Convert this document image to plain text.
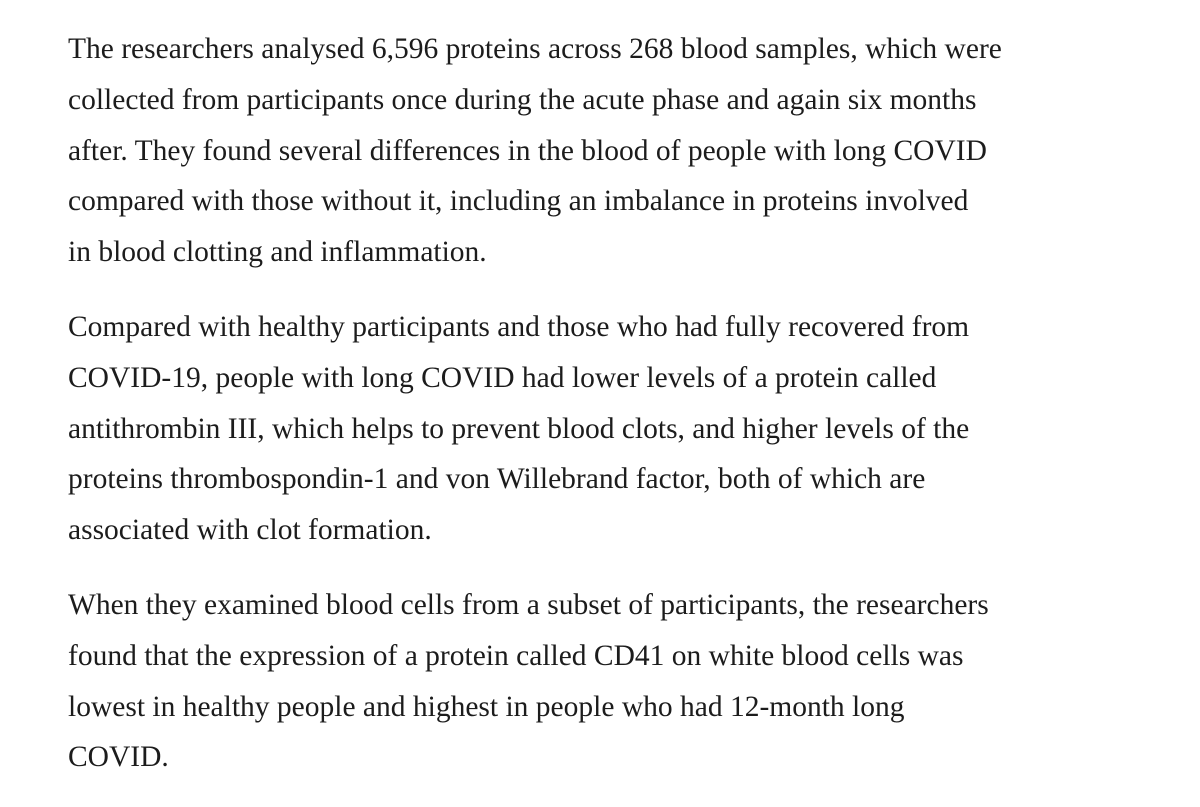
The researchers analysed 6,596 proteins across 268 blood samples, which were
collected from participants once during the acute phase and again six months
after. They found several differences in the blood of people with long COVID
compared with those without it, including an imbalance in proteins involved
in blood clotting and inflammation.

Compared with healthy participants and those who had fully recovered from
COVID-19, people with long COVID had lower levels of a protein called
antithrombin III, which helps to prevent blood clots, and higher levels of the
proteins thrombospondin-1 and von Willebrand factor, both of which are
associated with clot formation.

When they examined blood cells from a subset of participants, the researchers
found that the expression of a protein called CD41 on white blood cells was
lowest in healthy people and highest in people who had 12-month long
COVID.
